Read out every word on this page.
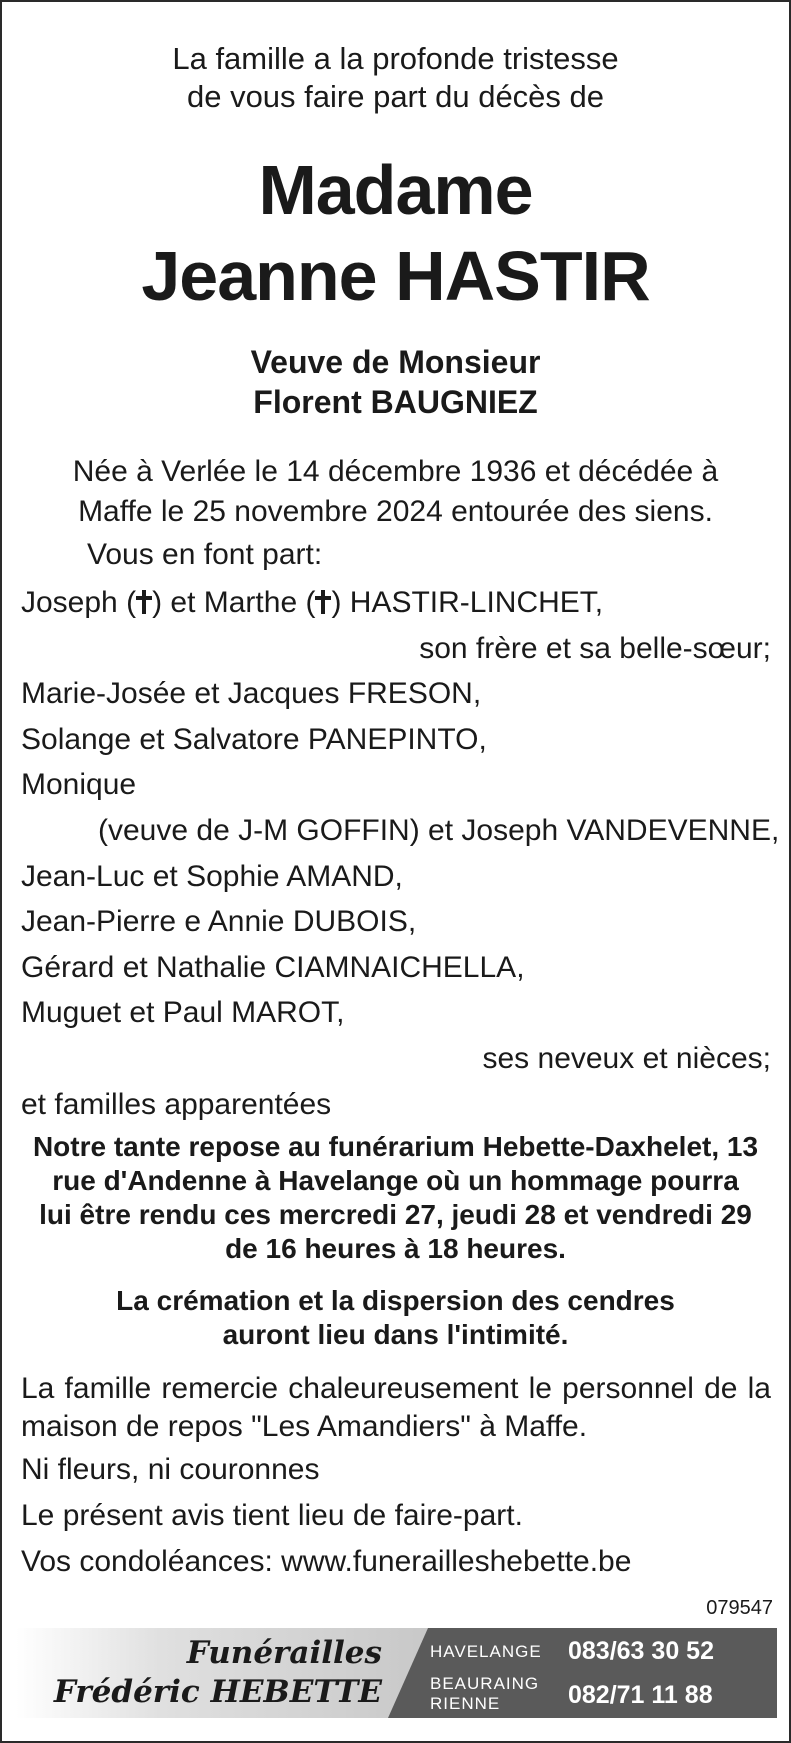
La famille a la profonde tristesse
de vous faire part du décès de
Madame
Jeanne HASTIR
Veuve de Monsieur
Florent BAUGNIEZ
Née à Verlée le 14 décembre 1936 et décédée à
Maffe le 25 novembre 2024 entourée des siens.
Vous en font part:
Joseph ( ) et Marthe ( ) HASTIR-LINCHET,
son frère et sa belle-sœur;
Marie-Josée et Jacques FRESON,
Solange et Salvatore PANEPINTO,
Monique
(veuve de J-M GOFFIN) et Joseph VANDEVENNE,
Jean-Luc et Sophie AMAND,
Jean-Pierre e Annie DUBOIS,
Gérard et Nathalie CIAMNAICHELLA,
Muguet et Paul MAROT,
ses neveux et nièces;
et familles apparentées
Notre tante repose au funérarium Hebette-Daxhelet, 13
rue d'Andenne à Havelange où un hommage pourra
lui être rendu ces mercredi 27, jeudi 28 et vendredi 29
de 16 heures à 18 heures.
La crémation et la dispersion des cendres
auront lieu dans l'intimité.
La famille remercie chaleureusement le personnel de la maison de repos "Les Amandiers" à Maffe.
Ni fleurs, ni couronnes
Le présent avis tient lieu de faire-part.
Vos condoléances: www.funerailleshebette.be
079547
Funérailles
Frédéric HEBETTE
HAVELANGE 083/63 30 52
BEAURAING
RIENNE	082/71 11 88
